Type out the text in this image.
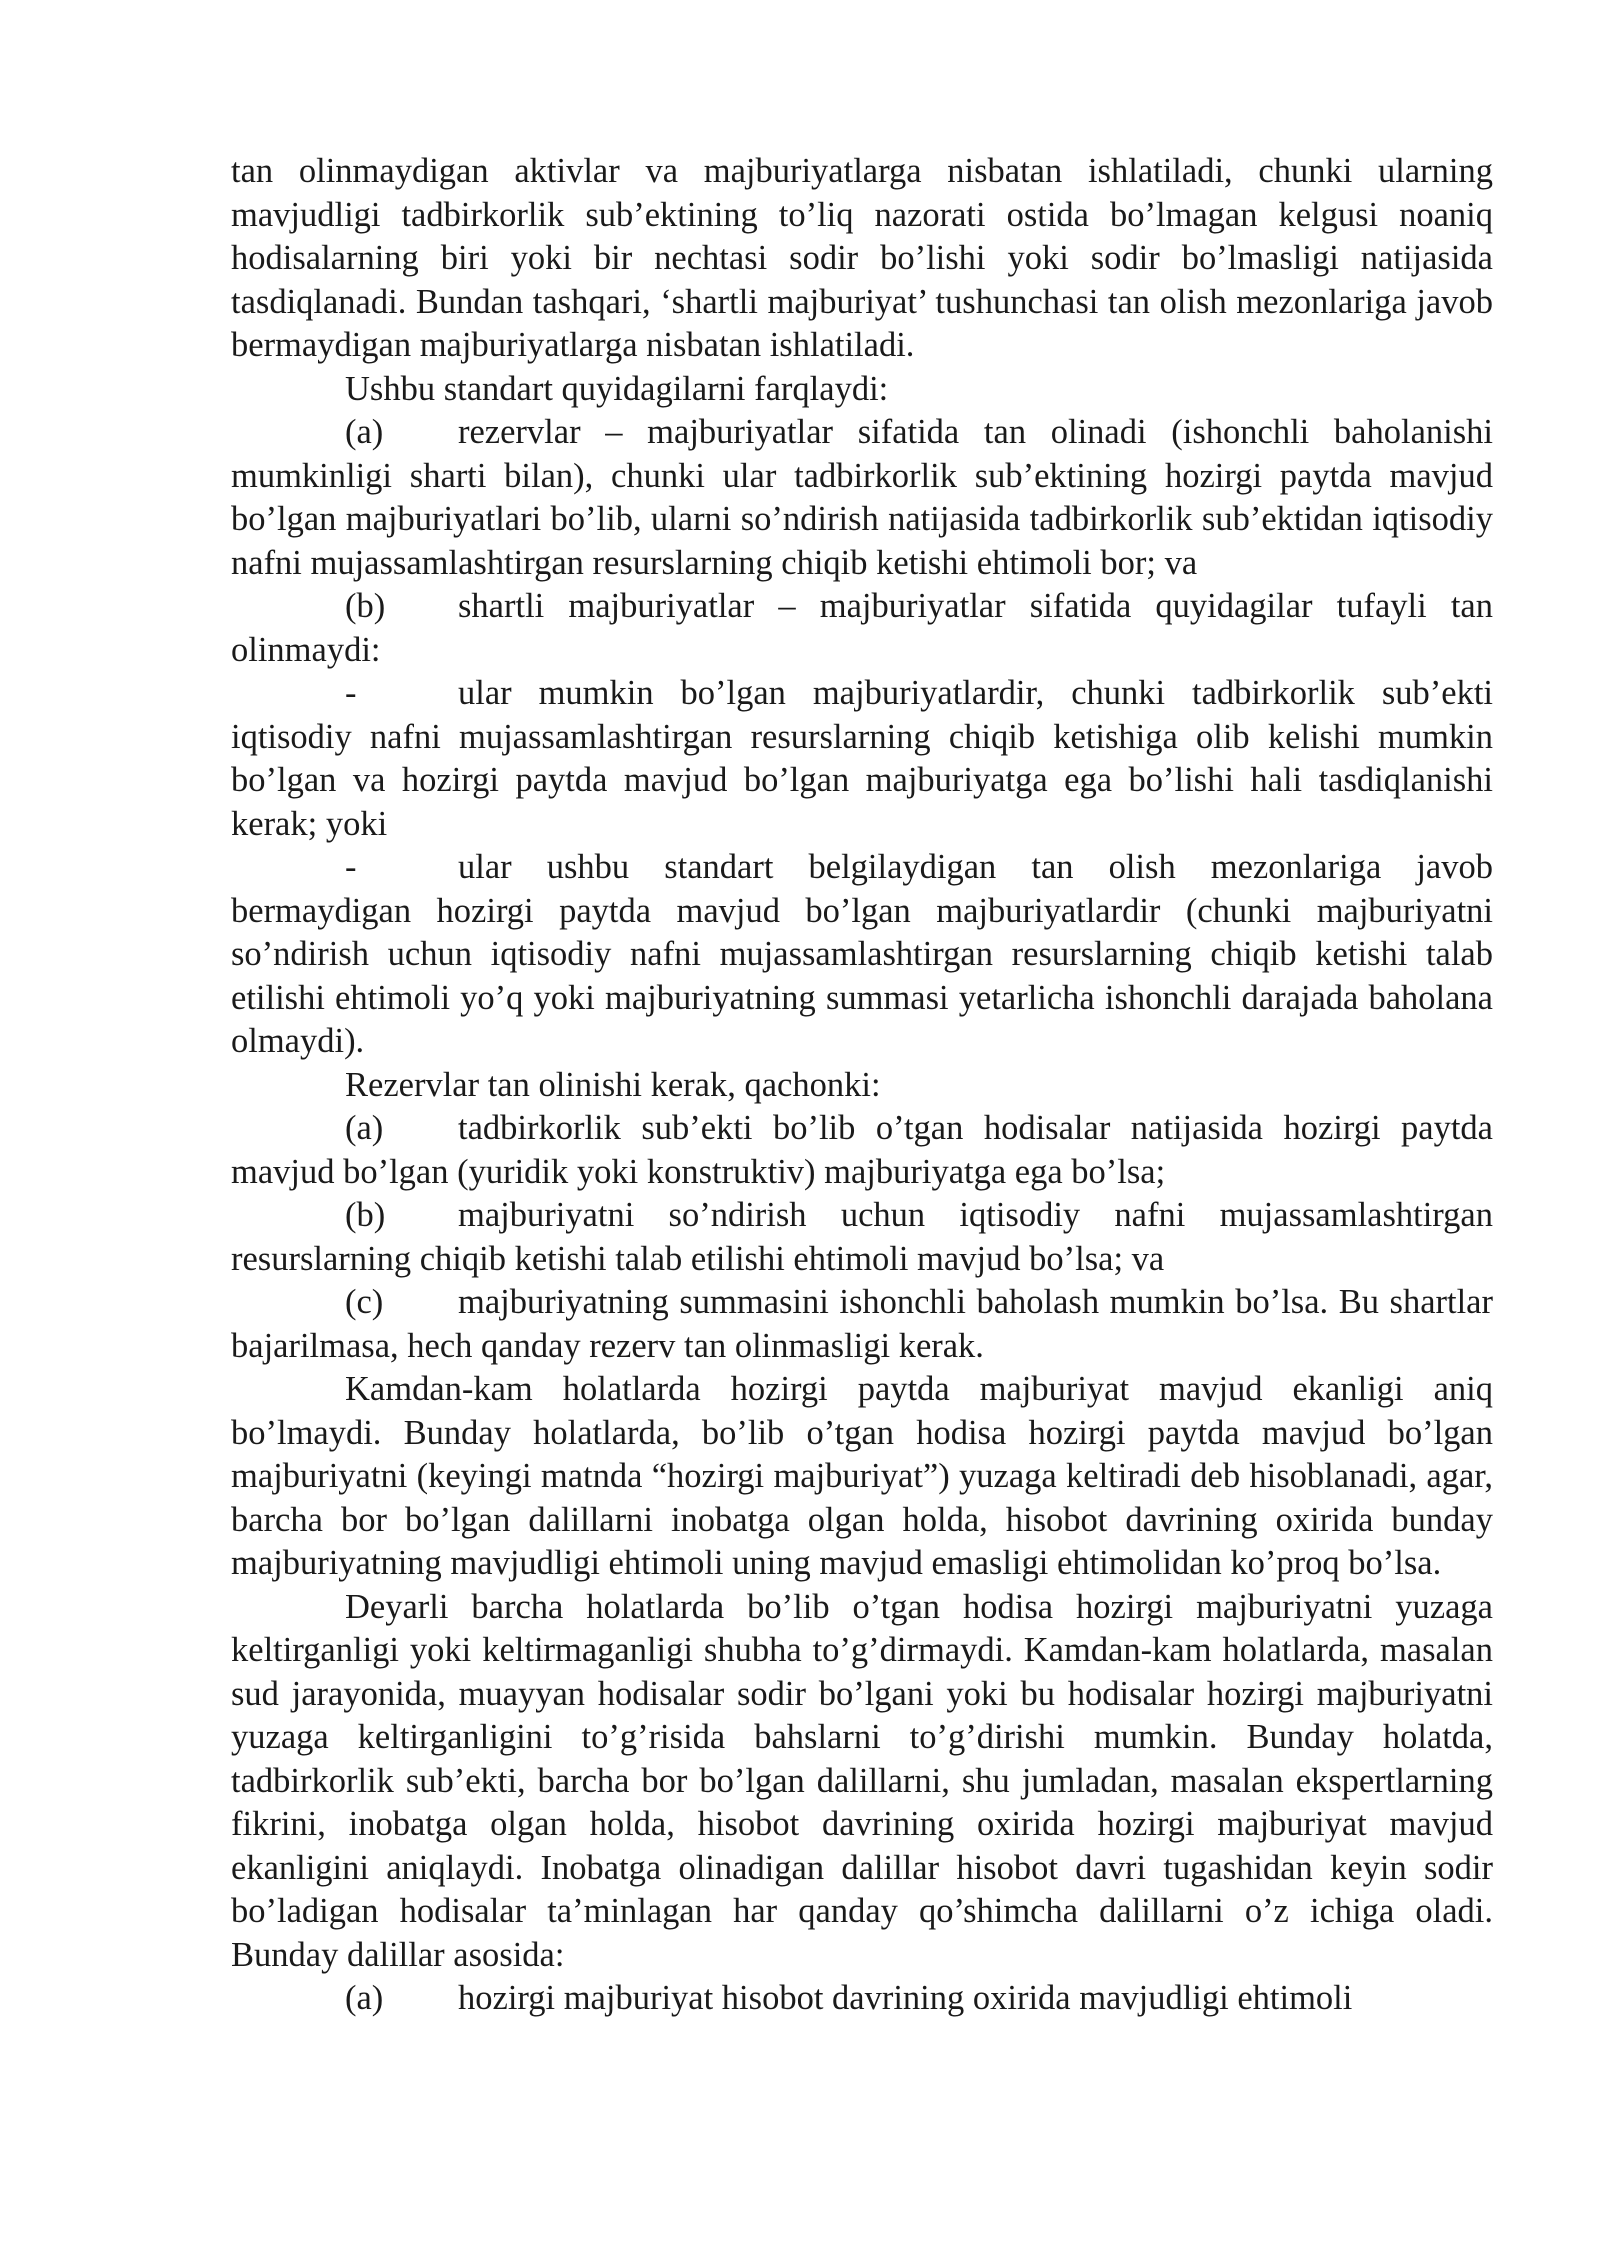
tan olinmaydigan aktivlar va majburiyatlarga nisbatan ishlatiladi, chunki ularning mavjudligi tadbirkorlik sub’ektining to’liq nazorati ostida bo’lmagan kelgusi noaniq hodisalarning biri yoki bir nechtasi sodir bo’lishi yoki sodir bo’lmasligi natijasida tasdiqlanadi. Bundan tashqari, ‘shartli majburiyat’ tushunchasi tan olish mezonlariga javob bermaydigan majburiyatlarga nisbatan ishlatiladi.

Ushbu standart quyidagilarni farqlaydi:

(a) rezervlar – majburiyatlar sifatida tan olinadi (ishonchli baholanishi mumkinligi sharti bilan), chunki ular tadbirkorlik sub’ektining hozirgi paytda mavjud bo’lgan majburiyatlari bo’lib, ularni so’ndirish natijasida tadbirkorlik sub’ektidan iqtisodiy nafni mujassamlashtirgan resurslarning chiqib ketishi ehtimoli bor; va

(b) shartli majburiyatlar – majburiyatlar sifatida quyidagilar tufayli tan olinmaydi:

-	ular mumkin bo’lgan majburiyatlardir, chunki tadbirkorlik sub’ekti iqtisodiy nafni mujassamlashtirgan resurslarning chiqib ketishiga olib kelishi mumkin bo’lgan va hozirgi paytda mavjud bo’lgan majburiyatga ega bo’lishi hali tasdiqlanishi kerak; yoki

-	ular ushbu standart belgilaydigan tan olish mezonlariga javob bermaydigan hozirgi paytda mavjud bo’lgan majburiyatlardir (chunki majburiyatni so’ndirish uchun iqtisodiy nafni mujassamlashtirgan resurslarning chiqib ketishi talab etilishi ehtimoli yo’q yoki majburiyatning summasi yetarlicha ishonchli darajada baholana olmaydi).

Rezervlar tan olinishi kerak, qachonki:

(a) tadbirkorlik sub’ekti bo’lib o’tgan hodisalar natijasida hozirgi paytda mavjud bo’lgan (yuridik yoki konstruktiv) majburiyatga ega bo’lsa;

(b) majburiyatni so’ndirish uchun iqtisodiy nafni mujassamlashtirgan resurslarning chiqib ketishi talab etilishi ehtimoli mavjud bo’lsa; va

(c) majburiyatning summasini ishonchli baholash mumkin bo’lsa. Bu shartlar bajarilmasa, hech qanday rezerv tan olinmasligi kerak.

Kamdan-kam holatlarda hozirgi paytda majburiyat mavjud ekanligi aniq bo’lmaydi. Bunday holatlarda, bo’lib o’tgan hodisa hozirgi paytda mavjud bo’lgan majburiyatni (keyingi matnda “hozirgi majburiyat”) yuzaga keltiradi deb hisoblanadi, agar, barcha bor bo’lgan dalillarni inobatga olgan holda, hisobot davrining oxirida bunday majburiyatning mavjudligi ehtimoli uning mavjud emasligi ehtimolidan ko’proq bo’lsa.

Deyarli barcha holatlarda bo’lib o’tgan hodisa hozirgi majburiyatni yuzaga keltirganligi yoki keltirmaganligi shubha to’g’dirmaydi. Kamdan-kam holatlarda, masalan sud jarayonida, muayyan hodisalar sodir bo’lgani yoki bu hodisalar hozirgi majburiyatni yuzaga keltirganligini to’g’risida bahslarni to’g’dirishi mumkin. Bunday holatda, tadbirkorlik sub’ekti, barcha bor bo’lgan dalillarni, shu jumladan, masalan ekspertlarning fikrini, inobatga olgan holda, hisobot davrining oxirida hozirgi majburiyat mavjud ekanligini aniqlaydi. Inobatga olinadigan dalillar hisobot davri tugashidan keyin sodir bo’ladigan hodisalar ta’minlagan har qanday qo’shimcha dalillarni o’z ichiga oladi. Bunday dalillar asosida:

(a) hozirgi majburiyat hisobot davrining oxirida mavjudligi ehtimoli
